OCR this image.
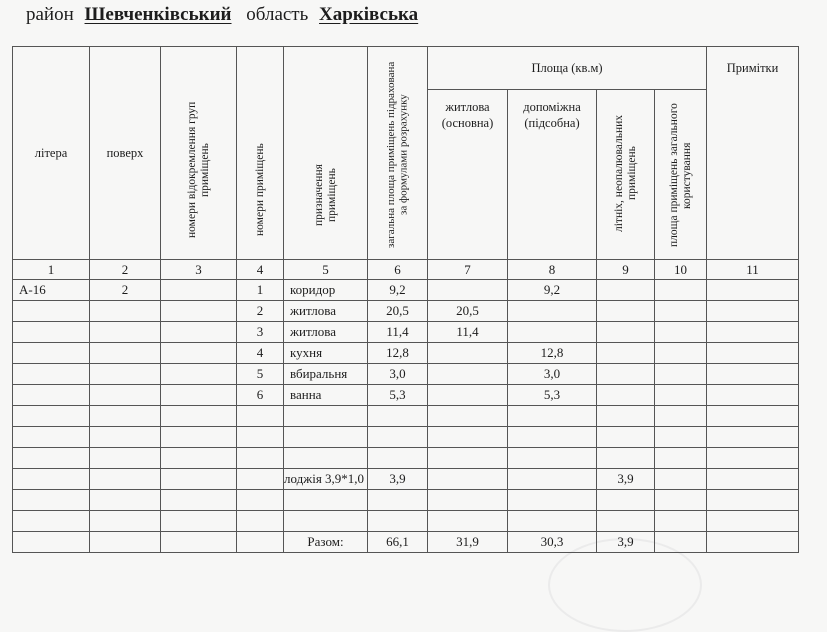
район Шевченківський область Харківська
літера	поверх	номери відокремлення груп приміщень	номери приміщень	призначення приміщень	загальна площа приміщень підрахована за формулами розрахунку	Площа (кв.м)				Примітки
						житлова (основна)	допоміжна (підсобна)	літніх, неопалювальних приміщень	площа приміщень загального користування	
1	2	3	4	5	6	7	8	9	10	11
А-16	2		1	коридор	9,2		9,2			
			2	житлова	20,5	20,5				
			3	житлова	11,4	11,4				
			4	кухня	12,8		12,8			
			5	вбиральня	3,0		3,0			
			6	ванна	5,3		5,3			

				лоджія 3,9*1,0	3,9			3,9		

				Разом:	66,1	31,9	30,3	3,9		
